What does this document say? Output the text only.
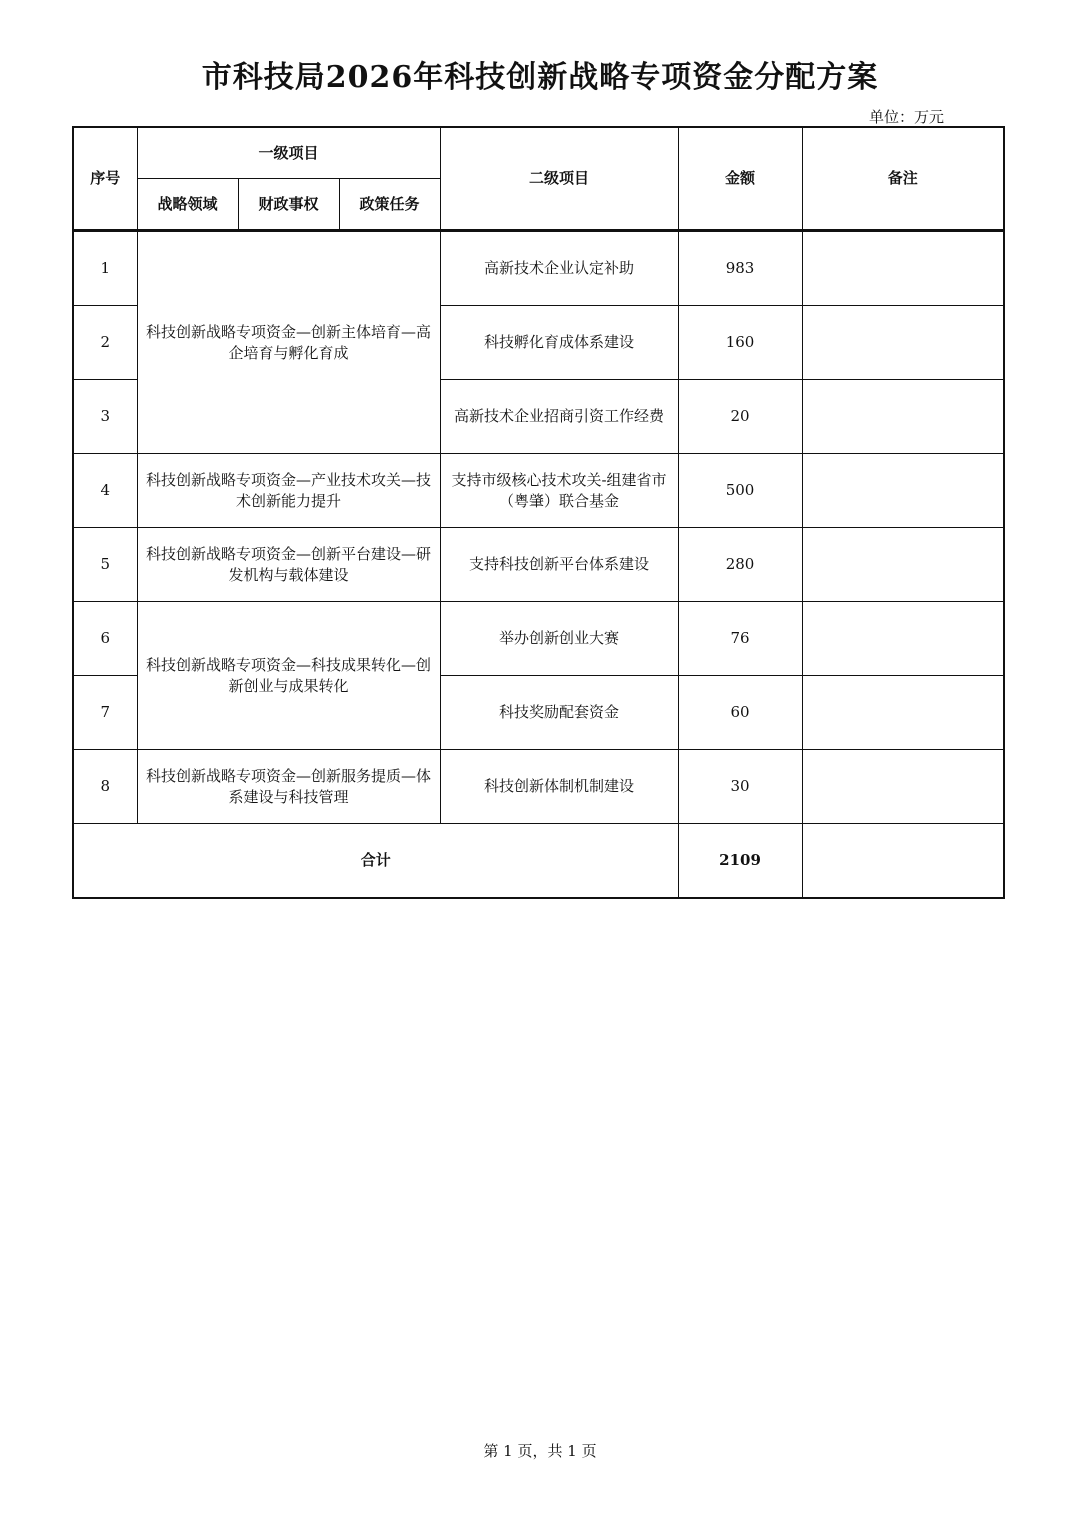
市科技局2026年科技创新战略专项资金分配方案
单位：万元
序号	一级项目			二级项目	金额	备注
	战略领域	财政事权	政策任务			
1	科技创新战略专项资金—创新主体培育—高企培育与孵化育成			高新技术企业认定补助	983	
2				科技孵化育成体系建设	160	
3				高新技术企业招商引资工作经费	20	
4	科技创新战略专项资金—产业技术攻关—技术创新能力提升			支持市级核心技术攻关-组建省市（粤肇）联合基金	500	
5	科技创新战略专项资金—创新平台建设—研发机构与载体建设			支持科技创新平台体系建设	280	
6	科技创新战略专项资金—科技成果转化—创新创业与成果转化			举办创新创业大赛	76	
7				科技奖励配套资金	60	
8	科技创新战略专项资金—创新服务提质—体系建设与科技管理			科技创新体制机制建设	30	
合计					2109	
第 1 页，共 1 页
